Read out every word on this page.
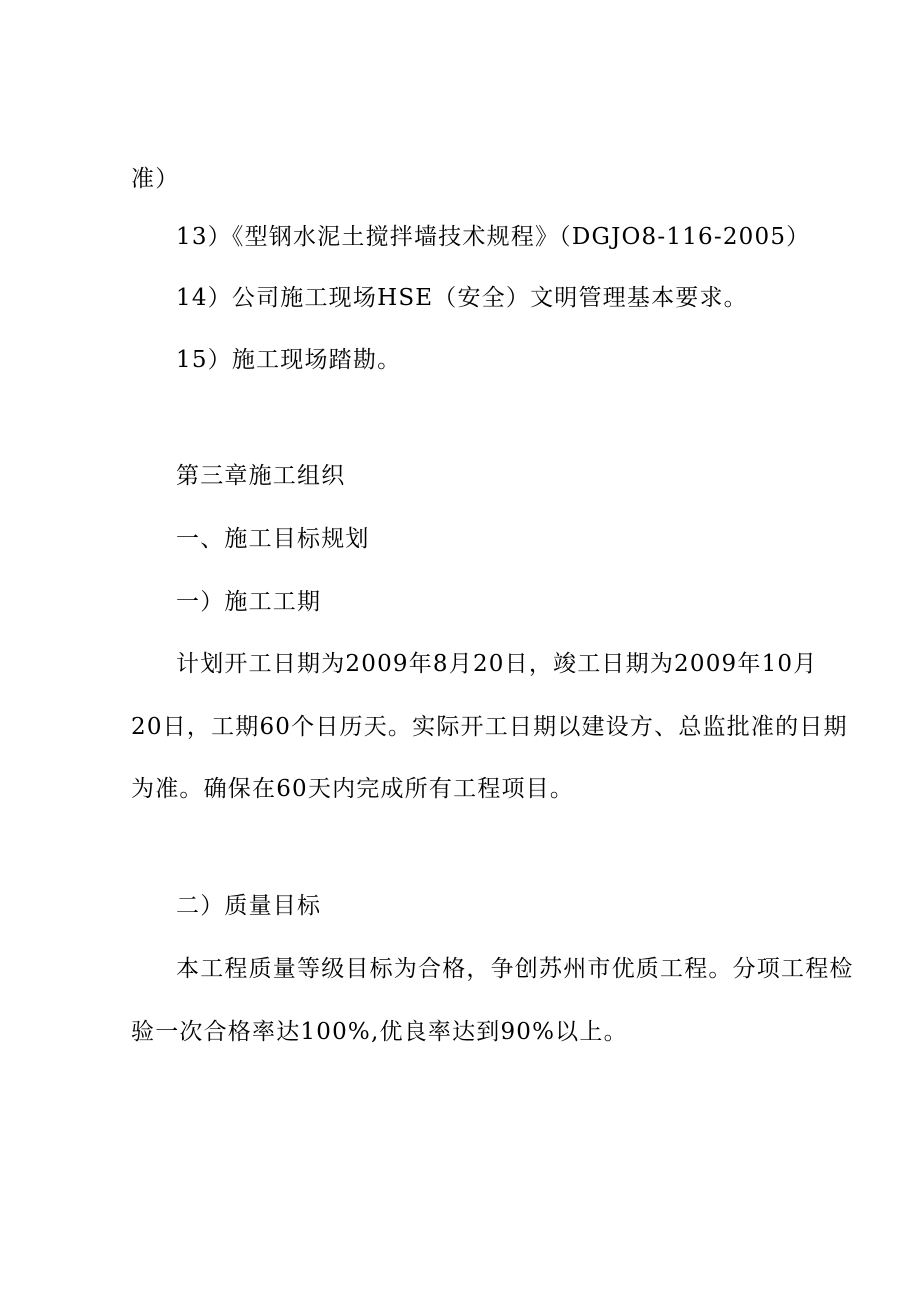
准）
13）《型钢水泥土搅拌墙技术规程》（DGJO8-116-2005）
14）公司施工现场HSE（安全）文明管理基本要求。
15）施工现场踏勘。
第三章施工组织
一、施工目标规划
一）施工工期
计划开工日期为2009年8月20日，竣工日期为2009年10月
20日，工期60个日历天。实际开工日期以建设方、总监批准的日期
为准。确保在60天内完成所有工程项目。
二）质量目标
本工程质量等级目标为合格，争创苏州市优质工程。分项工程检
验一次合格率达100%,优良率达到90%以上。
